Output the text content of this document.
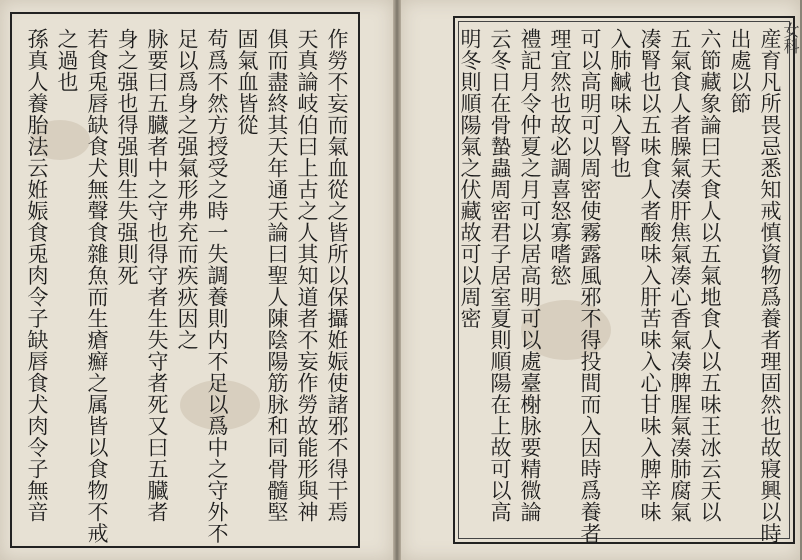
作勞不妄而氣血從之皆所以保攝姙娠使諸邪不得干焉
天真論岐伯曰上古之人其知道者不妄作勞故能形與神
俱而盡終其天年通天論曰聖人陳陰陽筋脉和同骨髓堅
固氣血皆從
苟爲不然方授受之時一失調養則内不足以爲中之守外不
足以爲身之强氣形弗充而疾疢因之
脉要曰五臓者中之守也得守者生失守者死又曰五臓者
身之强也得强則生失强則死
若食兎唇缺食犬無聲食雜魚而生瘡癬之属皆以食物不戒
之過也
孫真人養胎法云姙娠食兎肉令子缺唇食犬肉令子無音	産育凡所畏忌悉知戒慎資物爲養者理固然也故寢興以時
出處以節
六節藏象論曰天食人以五氣地食人以五味王冰云天以
五氣食人者臊氣凑肝焦氣凑心香氣凑脾腥氣凑肺腐氣
凑腎也以五味食人者酸味入肝苦味入心甘味入脾辛味
入肺鹹味入腎也
可以高明可以周密使霧露風邪不得投間而入因時爲養者
理宜然也故必調喜怒寡嗜慾
禮記月令仲夏之月可以居高明可以處臺榭脉要精微論
云冬日在骨蟄蟲周密君子居室夏則順陽在上故可以高
明冬則順陽氣之伏藏故可以周密	女科
